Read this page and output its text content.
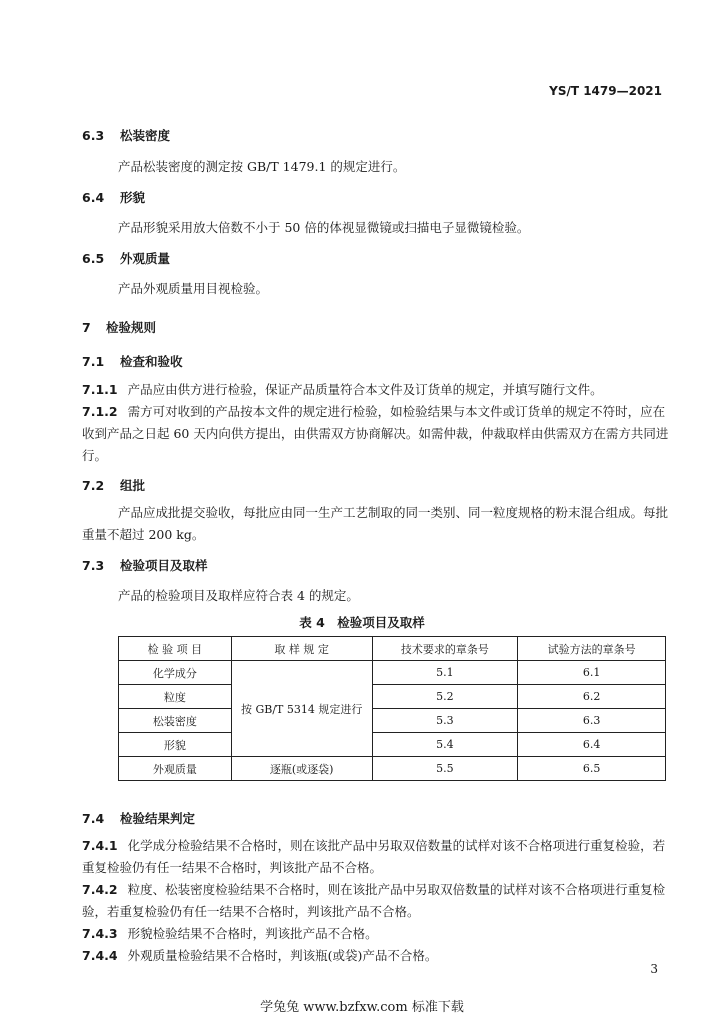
YS/T 1479—2021
6.3 松装密度
产品松装密度的测定按 GB/T 1479.1 的规定进行。
6.4 形貌
产品形貌采用放大倍数不小于 50 倍的体视显微镜或扫描电子显微镜检验。
6.5 外观质量
产品外观质量用目视检验。
7 检验规则
7.1 检查和验收
7.1.1 产品应由供方进行检验，保证产品质量符合本文件及订货单的规定，并填写随行文件。
7.1.2 需方可对收到的产品按本文件的规定进行检验，如检验结果与本文件或订货单的规定不符时，应在收到产品之日起 60 天内向供方提出，由供需双方协商解决。如需仲裁，仲裁取样由供需双方在需方共同进行。
7.2 组批
产品应成批提交验收，每批应由同一生产工艺制取的同一类别、同一粒度规格的粉末混合组成。每批重量不超过 200 kg。
7.3 检验项目及取样
产品的检验项目及取样应符合表 4 的规定。
表 4　检验项目及取样
检 验 项 目	取 样 规 定	技术要求的章条号	试验方法的章条号
化学成分	按 GB/T 5314 规定进行	5.1	6.1
粒度		5.2	6.2
松装密度		5.3	6.3
形貌		5.4	6.4
外观质量	逐瓶(或逐袋)	5.5	6.5
7.4 检验结果判定
7.4.1 化学成分检验结果不合格时，则在该批产品中另取双倍数量的试样对该不合格项进行重复检验，若重复检验仍有任一结果不合格时，判该批产品不合格。
7.4.2 粒度、松装密度检验结果不合格时，则在该批产品中另取双倍数量的试样对该不合格项进行重复检验，若重复检验仍有任一结果不合格时，判该批产品不合格。
7.4.3 形貌检验结果不合格时，判该批产品不合格。
7.4.4 外观质量检验结果不合格时，判该瓶(或袋)产品不合格。
3
学兔兔 www.bzfxw.com 标准下载
